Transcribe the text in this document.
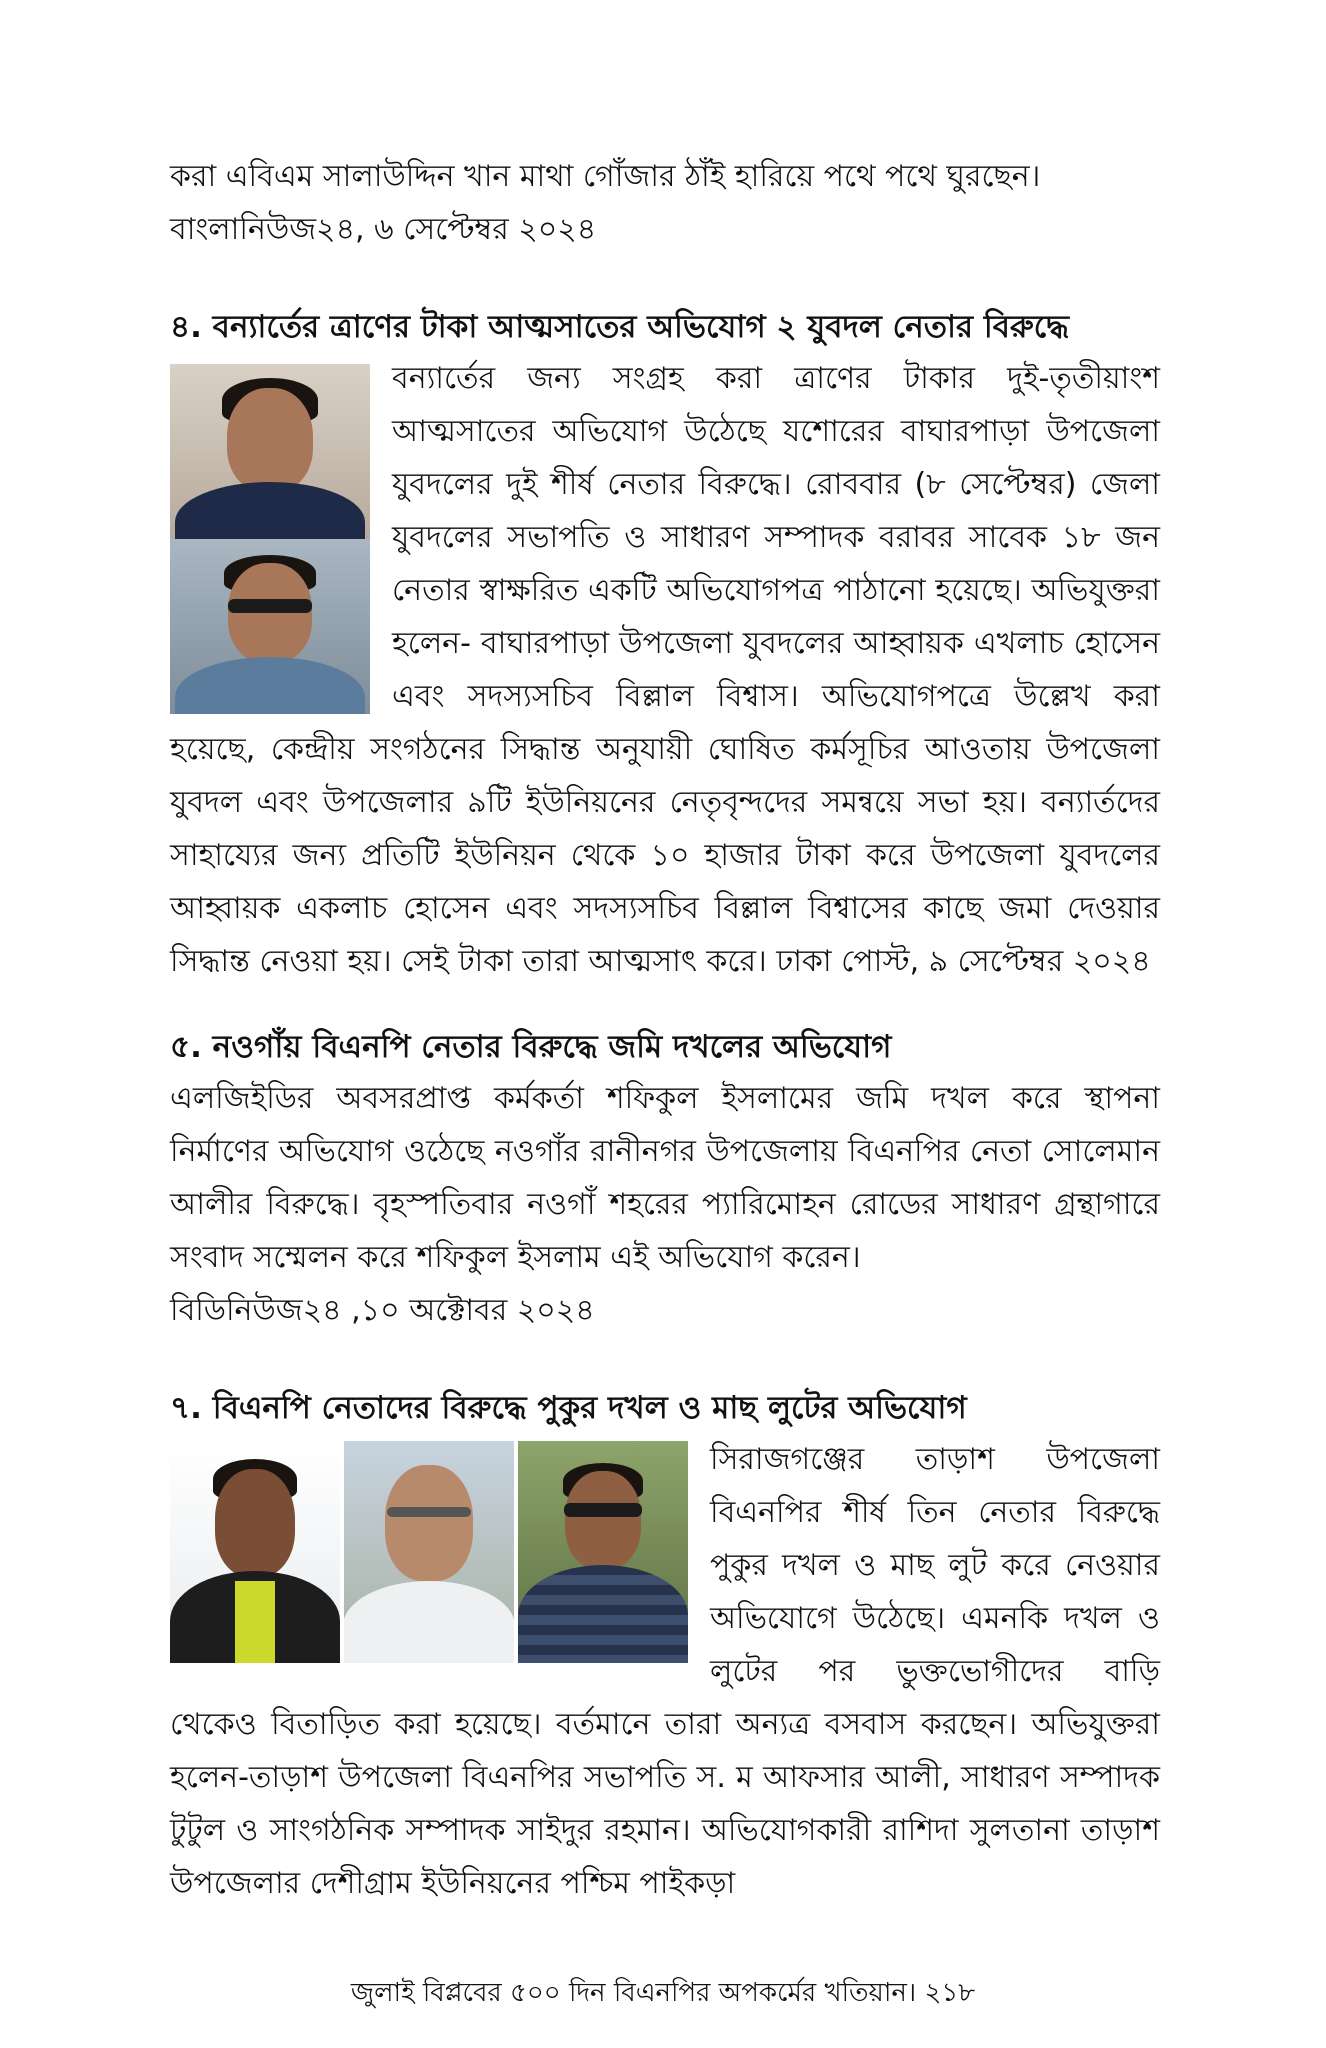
করা এবিএম সালাউদ্দিন খান মাথা গোঁজার ঠাঁই হারিয়ে পথে পথে ঘুরছেন।

বাংলানিউজ২৪, ৬ সেপ্টেম্বর ২০২৪

৪. বন্যার্তের ত্রাণের টাকা আত্মসাতের অভিযোগ ২ যুবদল নেতার বিরুদ্ধে

বন্যার্তের জন্য সংগ্রহ করা ত্রাণের টাকার দুই-তৃতীয়াংশ আত্মসাতের অভিযোগ উঠেছে যশোরের বাঘারপাড়া উপজেলা যুবদলের দুই শীর্ষ নেতার বিরুদ্ধে। রোববার (৮ সেপ্টেম্বর) জেলা যুবদলের সভাপতি ও সাধারণ সম্পাদক বরাবর সাবেক ১৮ জন নেতার স্বাক্ষরিত একটি অভিযোগপত্র পাঠানো হয়েছে। অভিযুক্তরা হলেন- বাঘারপাড়া উপজেলা যুবদলের আহ্বায়ক এখলাচ হোসেন এবং সদস্যসচিব বিল্লাল বিশ্বাস। অভিযোগপত্রে উল্লেখ করা হয়েছে, কেন্দ্রীয় সংগঠনের সিদ্ধান্ত অনুযায়ী ঘোষিত কর্মসূচির আওতায় উপজেলা যুবদল এবং উপজেলার ৯টি ইউনিয়নের নেতৃবৃন্দদের সমন্বয়ে সভা হয়। বন্যার্তদের সাহায্যের জন্য প্রতিটি ইউনিয়ন থেকে ১০ হাজার টাকা করে উপজেলা যুবদলের আহ্বায়ক একলাচ হোসেন এবং সদস্যসচিব বিল্লাল বিশ্বাসের কাছে জমা দেওয়ার সিদ্ধান্ত নেওয়া হয়। সেই টাকা তারা আত্মসাৎ করে। ঢাকা পোস্ট, ৯ সেপ্টেম্বর ২০২৪

৫. নওগাঁয় বিএনপি নেতার বিরুদ্ধে জমি দখলের অভিযোগ

এলজিইডির অবসরপ্রাপ্ত কর্মকর্তা শফিকুল ইসলামের জমি দখল করে স্থাপনা নির্মাণের অভিযোগ ওঠেছে নওগাঁর রানীনগর উপজেলায় বিএনপির নেতা সোলেমান আলীর বিরুদ্ধে। বৃহস্পতিবার নওগাঁ শহরের প্যারিমোহন রোডের সাধারণ গ্রন্থাগারে সংবাদ সম্মেলন করে শফিকুল ইসলাম এই অভিযোগ করেন।

বিডিনিউজ২৪ ,১০ অক্টোবর ২০২৪

৭. বিএনপি নেতাদের বিরুদ্ধে পুকুর দখল ও মাছ লুটের অভিযোগ

সিরাজগঞ্জের তাড়াশ উপজেলা বিএনপির শীর্ষ তিন নেতার বিরুদ্ধে পুকুর দখল ও মাছ লুট করে নেওয়ার অভিযোগে উঠেছে। এমনকি দখল ও লুটের পর ভুক্তভোগীদের বাড়ি থেকেও বিতাড়িত করা হয়েছে। বর্তমানে তারা অন্যত্র বসবাস করছেন। অভিযুক্তরা হলেন-তাড়াশ উপজেলা বিএনপির সভাপতি স. ম আফসার আলী, সাধারণ সম্পাদক টুটুল ও সাংগঠনিক সম্পাদক সাইদুর রহমান। অভিযোগকারী রাশিদা সুলতানা তাড়াশ উপজেলার দেশীগ্রাম ইউনিয়নের পশ্চিম পাইকড়া

জুলাই বিপ্লবের ৫০০ দিন বিএনপির অপকর্মের খতিয়ান। ২১৮
